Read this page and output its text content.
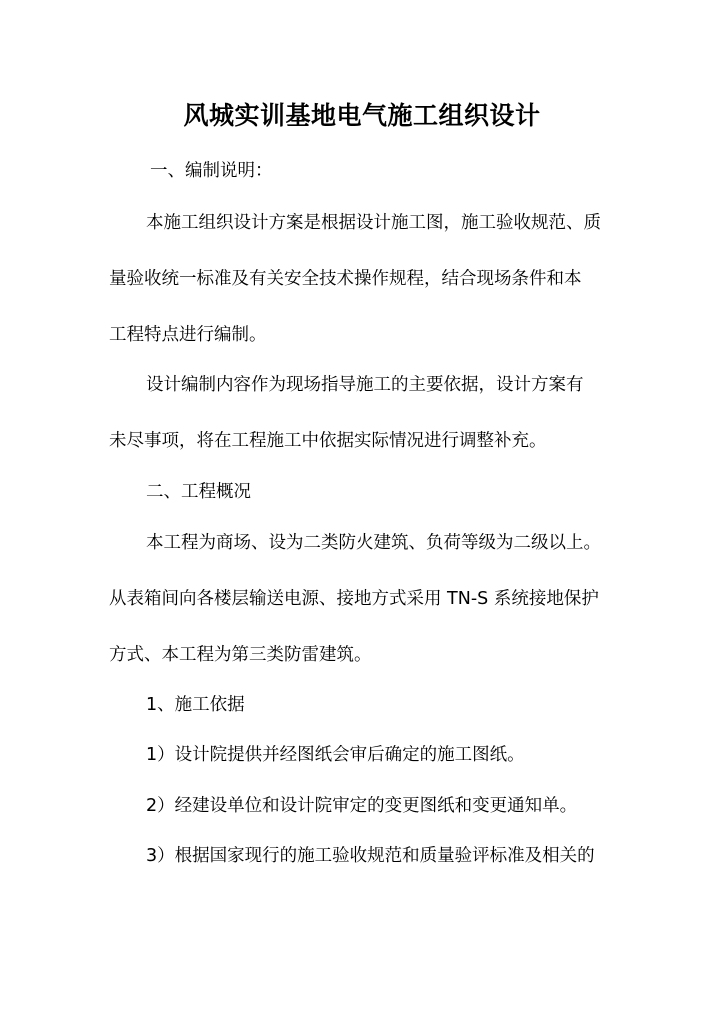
风城实训基地电气施工组织设计
一、编制说明：
本施工组织设计方案是根据设计施工图，施工验收规范、质
量验收统一标准及有关安全技术操作规程，结合现场条件和本
工程特点进行编制。
设计编制内容作为现场指导施工的主要依据，设计方案有
未尽事项，将在工程施工中依据实际情况进行调整补充。
二、工程概况
本工程为商场、设为二类防火建筑、负荷等级为二级以上。
从表箱间向各楼层输送电源、接地方式采用 TN-S 系统接地保护
方式、本工程为第三类防雷建筑。
1、施工依据
1）设计院提供并经图纸会审后确定的施工图纸。
2）经建设单位和设计院审定的变更图纸和变更通知单。
3）根据国家现行的施工验收规范和质量验评标准及相关的
